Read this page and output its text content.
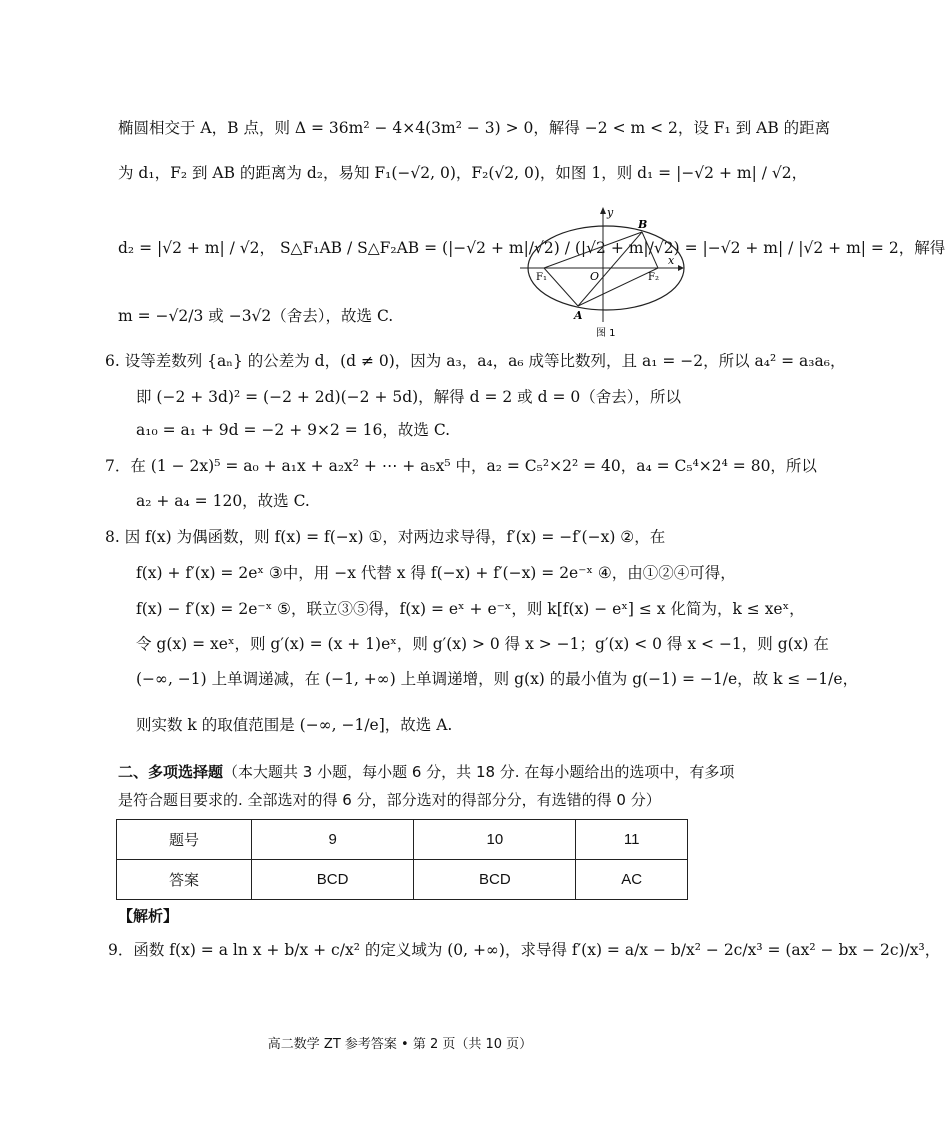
椭圆相交于 A，B 点，则 Δ = 36m² − 4×4(3m² − 3) > 0，解得 −2 < m < 2，设 F₁ 到 AB 的距离
为 d₁，F₂ 到 AB 的距离为 d₂，易知 F₁(−√2, 0)，F₂(√2, 0)，如图 1，则 d₁ = |−√2 + m| / √2，
d₂ = |√2 + m| / √2， S△F₁AB / S△F₂AB = (|−√2 + m|/√2) / (|√2 + m|/√2) = |−√2 + m| / |√2 + m| = 2，解得
m = −√2/3 或 −3√2（舍去），故选 C.
6. 设等差数列 {aₙ} 的公差为 d，(d ≠ 0)，因为 a₃，a₄，a₆ 成等比数列，且 a₁ = −2，所以 a₄² = a₃a₆，
即 (−2 + 3d)² = (−2 + 2d)(−2 + 5d)，解得 d = 2 或 d = 0（舍去），所以
a₁₀ = a₁ + 9d = −2 + 9×2 = 16，故选 C.
7．在 (1 − 2x)⁵ = a₀ + a₁x + a₂x² + ⋯ + a₅x⁵ 中，a₂ = C₅²×2² = 40，a₄ = C₅⁴×2⁴ = 80，所以
a₂ + a₄ = 120，故选 C.
8. 因 f(x) 为偶函数，则 f(x) = f(−x) ①，对两边求导得，f′(x) = −f′(−x) ②，在
f(x) + f′(x) = 2eˣ ③中，用 −x 代替 x 得 f(−x) + f′(−x) = 2e⁻ˣ ④，由①②④可得，
f(x) − f′(x) = 2e⁻ˣ ⑤，联立③⑤得，f(x) = eˣ + e⁻ˣ，则 k[f(x) − eˣ] ≤ x 化简为，k ≤ xeˣ，
令 g(x) = xeˣ，则 g′(x) = (x + 1)eˣ，则 g′(x) > 0 得 x > −1；g′(x) < 0 得 x < −1，则 g(x) 在
(−∞, −1) 上单调递减，在 (−1, +∞) 上单调递增，则 g(x) 的最小值为 g(−1) = −1/e，故 k ≤ −1/e，
则实数 k 的取值范围是 (−∞, −1/e]，故选 A.
二、多项选择题（本大题共 3 小题，每小题 6 分，共 18 分. 在每小题给出的选项中，有多项
是符合题目要求的. 全部选对的得 6 分，部分选对的得部分分，有选错的得 0 分）
题号	9	10	11
答案	BCD	BCD	AC
【解析】
9．函数 f(x) = a ln x + b/x + c/x² 的定义域为 (0, +∞)，求导得 f′(x) = a/x − b/x² − 2c/x³ = (ax² − bx − 2c)/x³，
y
x
B
O
F₁	F₂
A
图 1
高二数学 ZT 参考答案 • 第 2 页（共 10 页）
